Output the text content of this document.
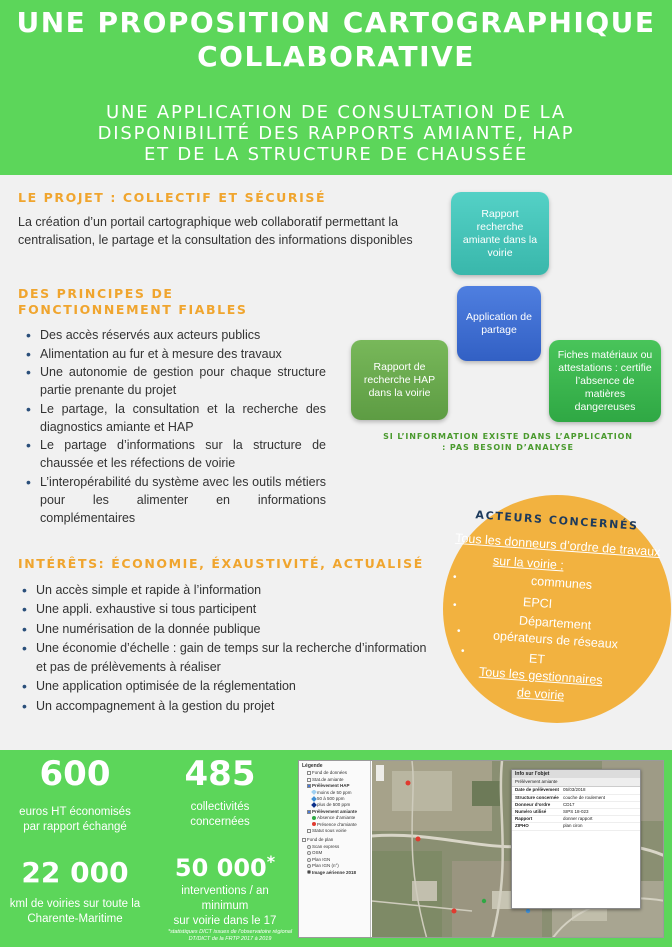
UNE PROPOSITION CARTOGRAPHIQUE
COLLABORATIVE
UNE APPLICATION DE CONSULTATION DE LA
DISPONIBILITÉ DES RAPPORTS AMIANTE, HAP
ET DE LA STRUCTURE DE CHAUSSÉE
LE PROJET : COLLECTIF ET SÉCURISÉ
La création d’un portail cartographique web collaboratif permettant la centralisation, le partage et la consultation des informations disponibles
DES PRINCIPES DE
FONCTIONNEMENT FIABLES
• Des accès réservés aux acteurs publics
• Alimentation au fur et à mesure des travaux
• Une autonomie de gestion pour chaque structure partie prenante du projet
• Le partage, la consultation et la recherche des diagnostics amiante et HAP
• Le partage d’informations sur la structure de chaussée et les réfections de voirie
• L’interopérabilité du système avec les outils métiers pour les alimenter en informations complémentaires
Rapport recherche amiante dans la voirie
Rapport de recherche HAP dans la voirie
Fiches matériaux ou attestations : certifie l’absence de matières dangereuses
Application de partage
SI L’INFORMATION EXISTE DANS L’APPLICATION
: PAS BESOIN D’ANALYSE
INTÉRÊTS: ÉCONOMIE, ÉXAUSTIVITÉ, ACTUALISÉ
• Un accès simple et rapide à l’information
• Une appli. exhaustive si tous participent
• Une numérisation de la donnée publique
• Une économie d’échelle : gain de temps sur la recherche d’information et pas de prélèvements à réaliser
• Une application optimisée de la réglementation
• Un accompagnement à la gestion du projet
ACTEURS CONCERNÉS
Tous les donneurs d’ordre de travaux
sur la voirie :
•	communes
•	EPCI
•	Département
•
opérateurs de réseaux
ET
Tous les gestionnaires
de voirie
600
euros HT économisés
par rapport échangé
485
collectivités
concernées
22 000
kml de voiries sur toute la
Charente-Maritime
50 000*
interventions / an
minimum
sur voirie dans le 17
*statistiques DICT issues de l’observatoire régional
DT/DICT de la FRTP 2017 à 2019
Légende
Fond de données
Stat.de amiante
Prélèvement HAP
moins de 50 ppm
50 à 500 ppm
plus de 500 ppm
Prélèvement amiante
Absence d’amiante
Présence d’amiante
Statut sous voirie
Fond de plan
Scan express
OSM
Plan IGN
Plan IGN (n°)
Image aérienne 2018
Info sur l’objet
Prélèvement amiante
Date de prélèvement 05/03/2018
Structure concernée couche de roulement
Donneur d’ordre	CD17
Numéro utilisé	SIPS 18-023
Rapport	donner rapport
ZIPHO	plan ciron
